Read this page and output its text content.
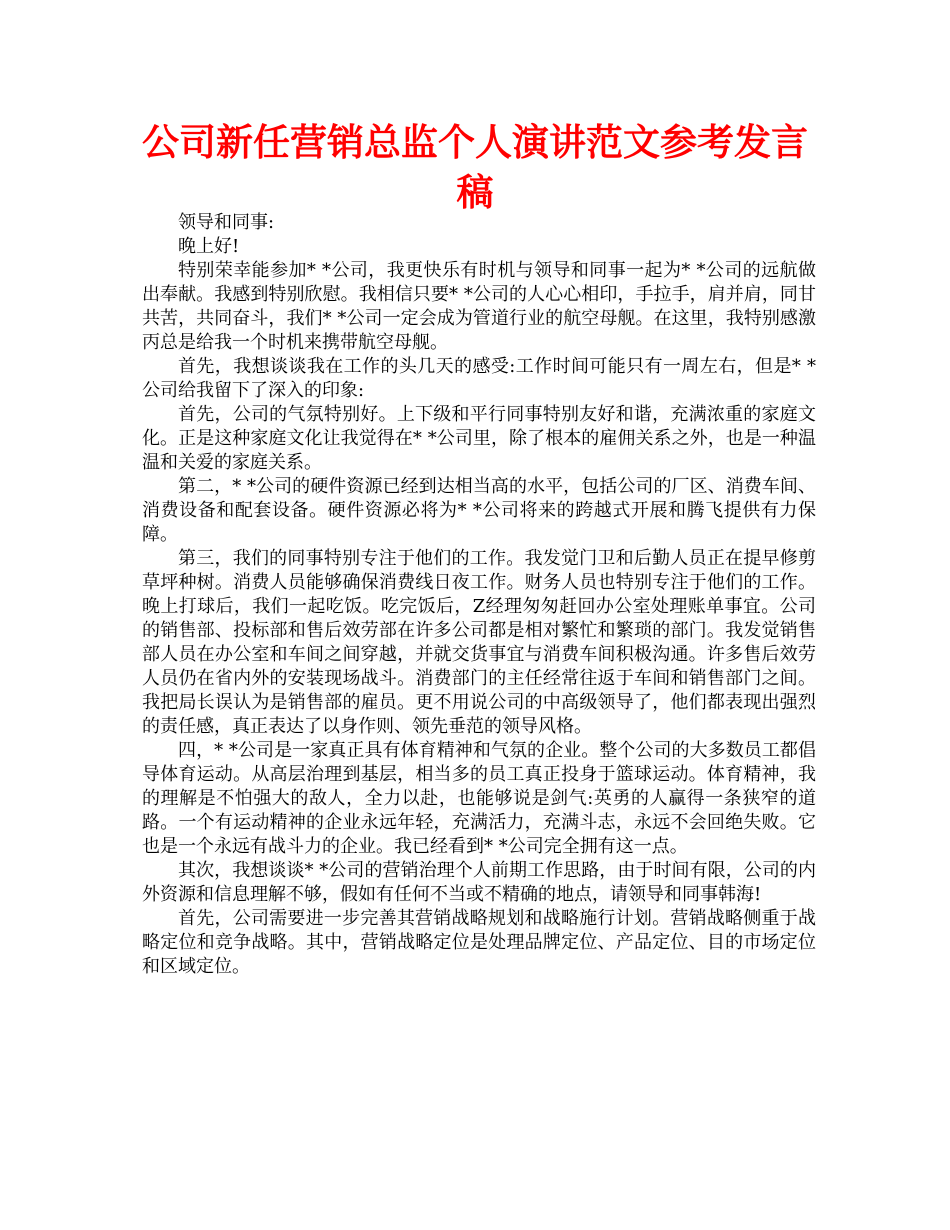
公司新任营销总监个人演讲范文参考发言稿

领导和同事:

晚上好!

特别荣幸能参加* *公司，我更快乐有时机与领导和同事一起为* *公司的远航做出奉献。我感到特别欣慰。我相信只要* *公司的人心心相印，手拉手，肩并肩，同甘共苦，共同奋斗，我们* *公司一定会成为管道行业的航空母舰。在这里，我特别感激丙总是给我一个时机来携带航空母舰。

首先，我想谈谈我在工作的头几天的感受:工作时间可能只有一周左右，但是* *公司给我留下了深入的印象:

首先，公司的气氛特别好。上下级和平行同事特别友好和谐，充满浓重的家庭文化。正是这种家庭文化让我觉得在* *公司里，除了根本的雇佣关系之外，也是一种温温和关爱的家庭关系。

第二，* *公司的硬件资源已经到达相当高的水平，包括公司的厂区、消费车间、消费设备和配套设备。硬件资源必将为* *公司将来的跨越式开展和腾飞提供有力保障。

第三，我们的同事特别专注于他们的工作。我发觉门卫和后勤人员正在提早修剪草坪种树。消费人员能够确保消费线日夜工作。财务人员也特别专注于他们的工作。晚上打球后，我们一起吃饭。吃完饭后，Z经理匆匆赶回办公室处理账单事宜。公司的销售部、投标部和售后效劳部在许多公司都是相对繁忙和繁琐的部门。我发觉销售部人员在办公室和车间之间穿越，并就交货事宜与消费车间积极沟通。许多售后效劳人员仍在省内外的安装现场战斗。消费部门的主任经常往返于车间和销售部门之间。我把局长误认为是销售部的雇员。更不用说公司的中高级领导了，他们都表现出强烈的责任感，真正表达了以身作则、领先垂范的领导风格。

四，* *公司是一家真正具有体育精神和气氛的企业。整个公司的大多数员工都倡导体育运动。从高层治理到基层，相当多的员工真正投身于篮球运动。体育精神，我的理解是不怕强大的敌人，全力以赴，也能够说是剑气:英勇的人赢得一条狭窄的道路。一个有运动精神的企业永远年轻，充满活力，充满斗志，永远不会回绝失败。它也是一个永远有战斗力的企业。我已经看到* *公司完全拥有这一点。

其次，我想谈谈* *公司的营销治理个人前期工作思路，由于时间有限，公司的内外资源和信息理解不够，假如有任何不当或不精确的地点，请领导和同事韩海!

首先，公司需要进一步完善其营销战略规划和战略施行计划。营销战略侧重于战略定位和竞争战略。其中，营销战略定位是处理品牌定位、产品定位、目的市场定位和区域定位。
